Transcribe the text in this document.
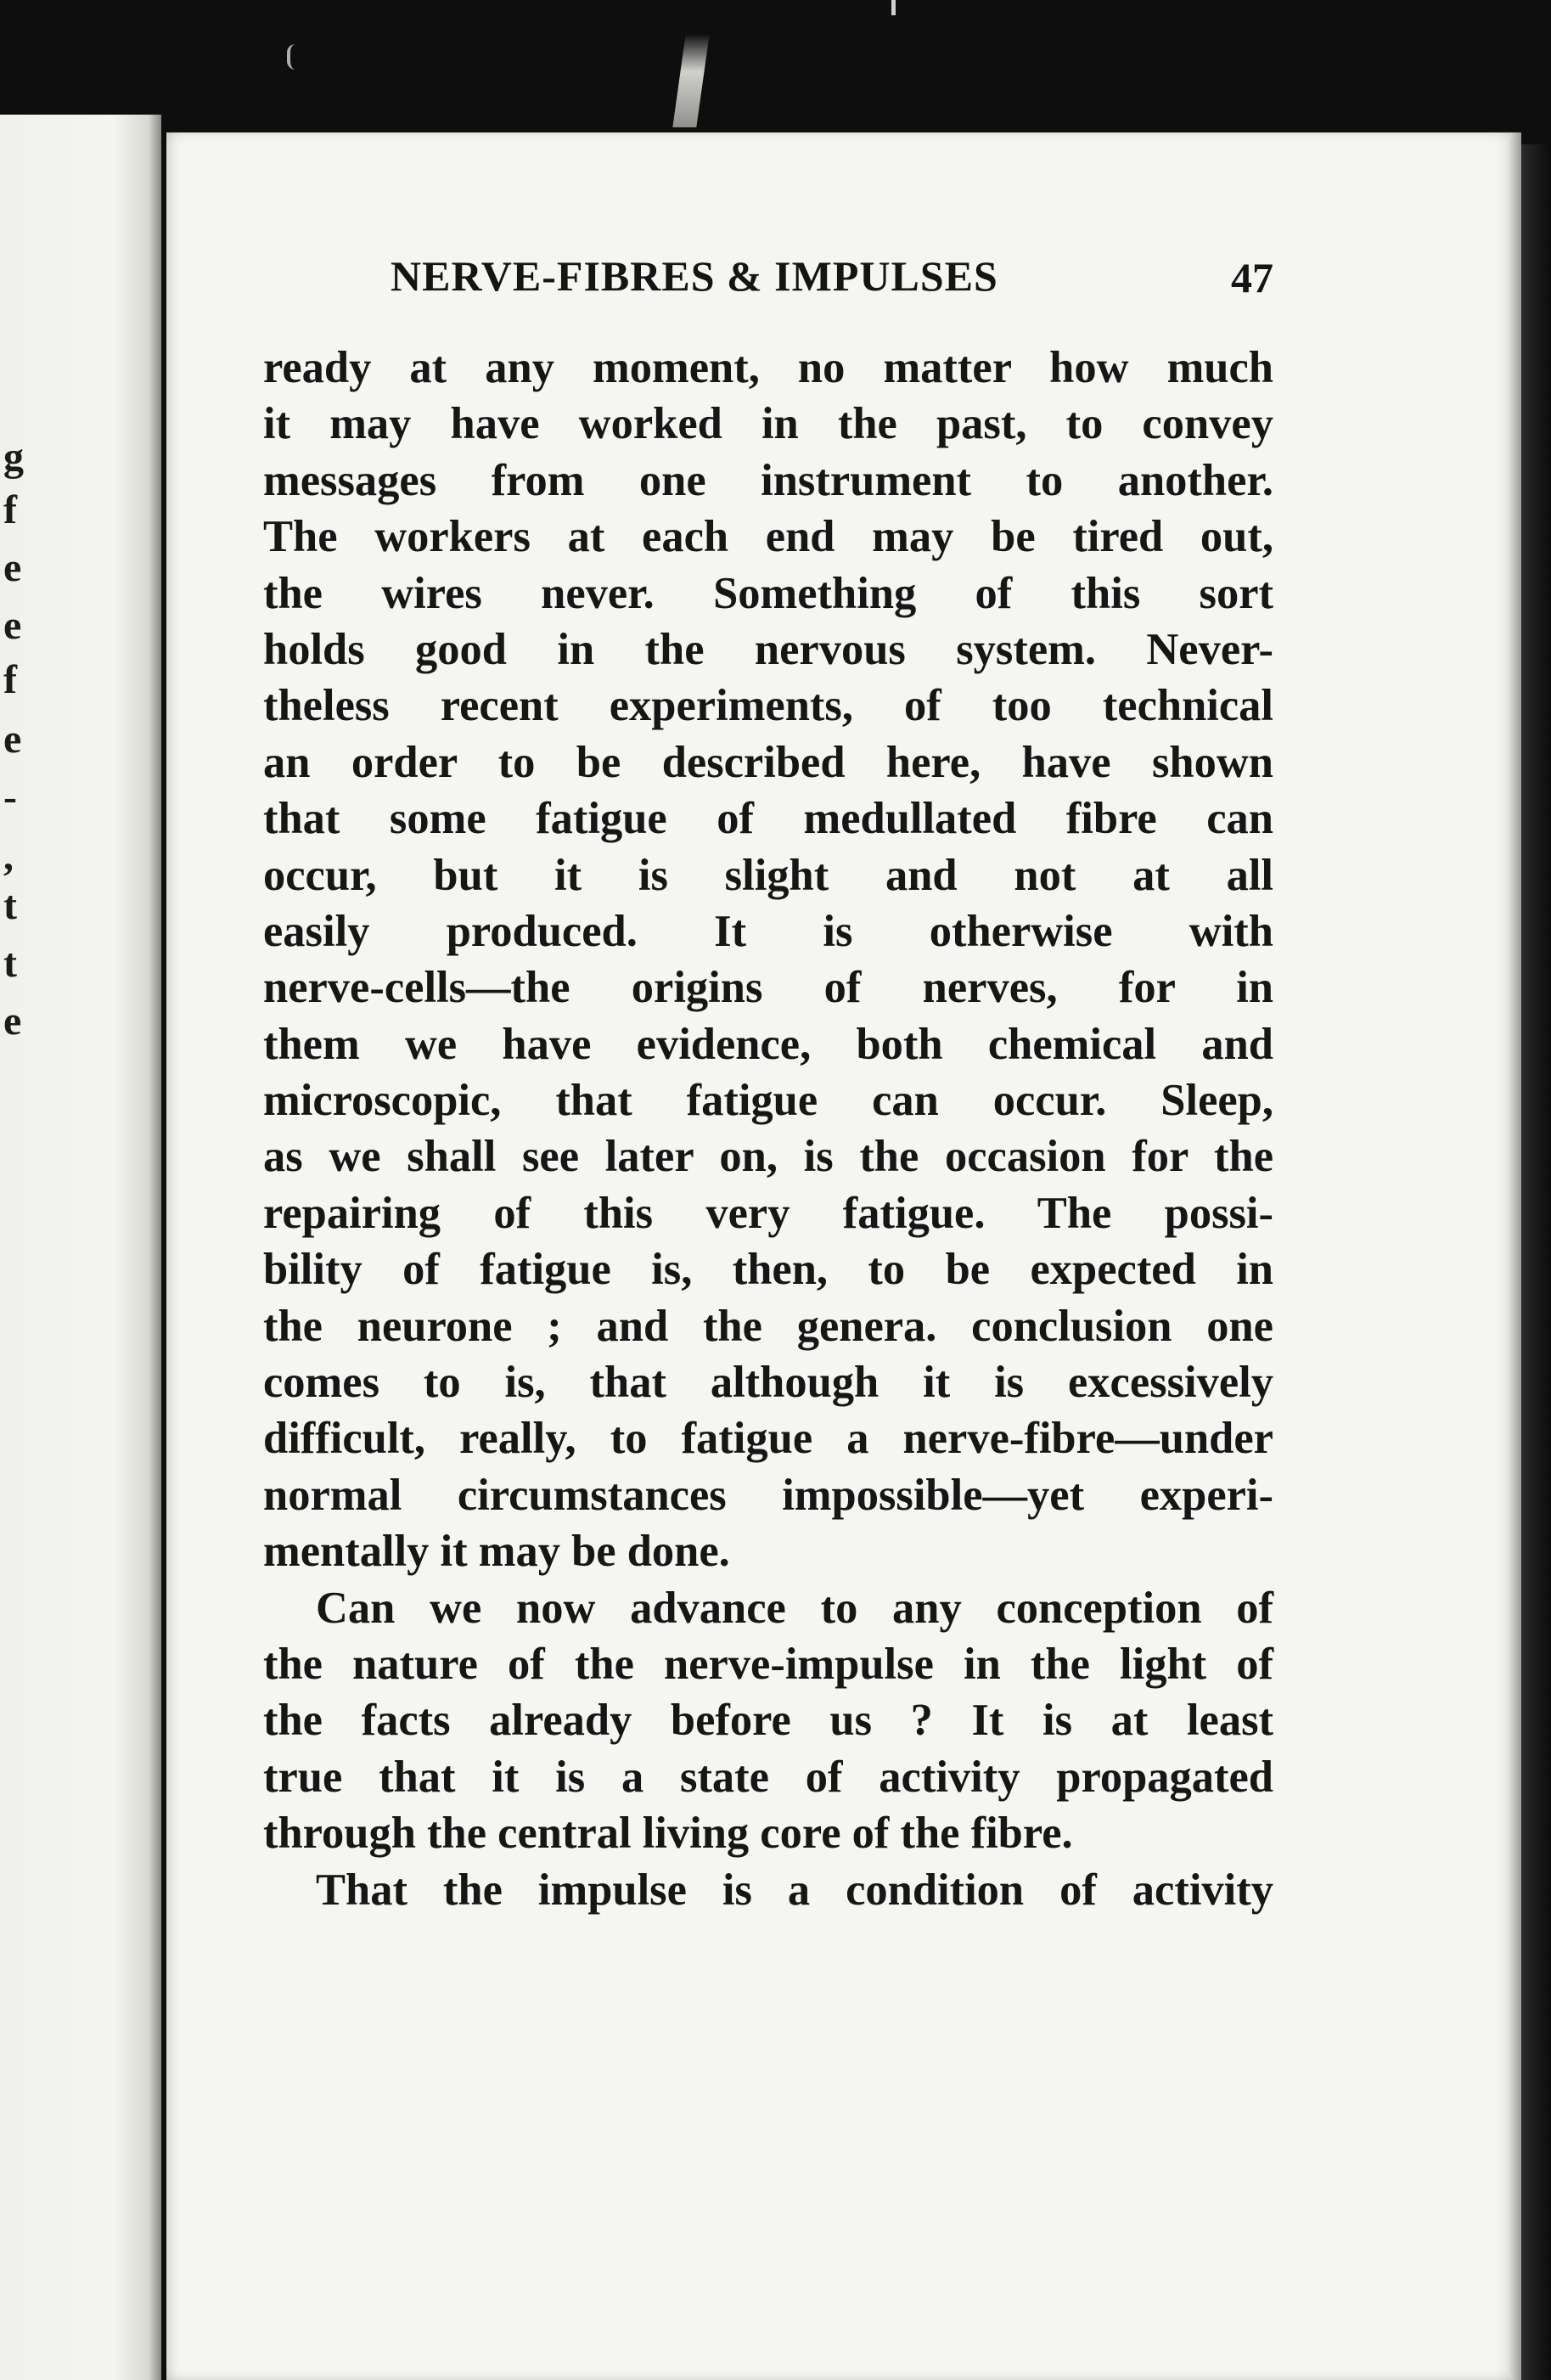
g
f
e
e
f
e
-
,
t
t
e
NERVE-FIBRES & IMPULSES	47
ready at any moment, no matter how much
it may have worked in the past, to convey
messages from one instrument to another.
The workers at each end may be tired out,
the wires never. Something of this sort
holds good in the nervous system. Never-
theless recent experiments, of too technical
an order to be described here, have shown
that some fatigue of medullated fibre can
occur, but it is slight and not at all
easily produced. It is otherwise with
nerve-cells—the origins of nerves, for in
them we have evidence, both chemical and
microscopic, that fatigue can occur. Sleep,
as we shall see later on, is the occasion for the
repairing of this very fatigue. The possi-
bility of fatigue is, then, to be expected in
the neurone ; and the genera. conclusion one
comes to is, that although it is excessively
difficult, really, to fatigue a nerve-fibre—under
normal circumstances impossible—yet experi-
mentally it may be done.
Can we now advance to any conception of
the nature of the nerve-impulse in the light of
the facts already before us ? It is at least
true that it is a state of activity propagated
through the central living core of the fibre.
That the impulse is a condition of activity
